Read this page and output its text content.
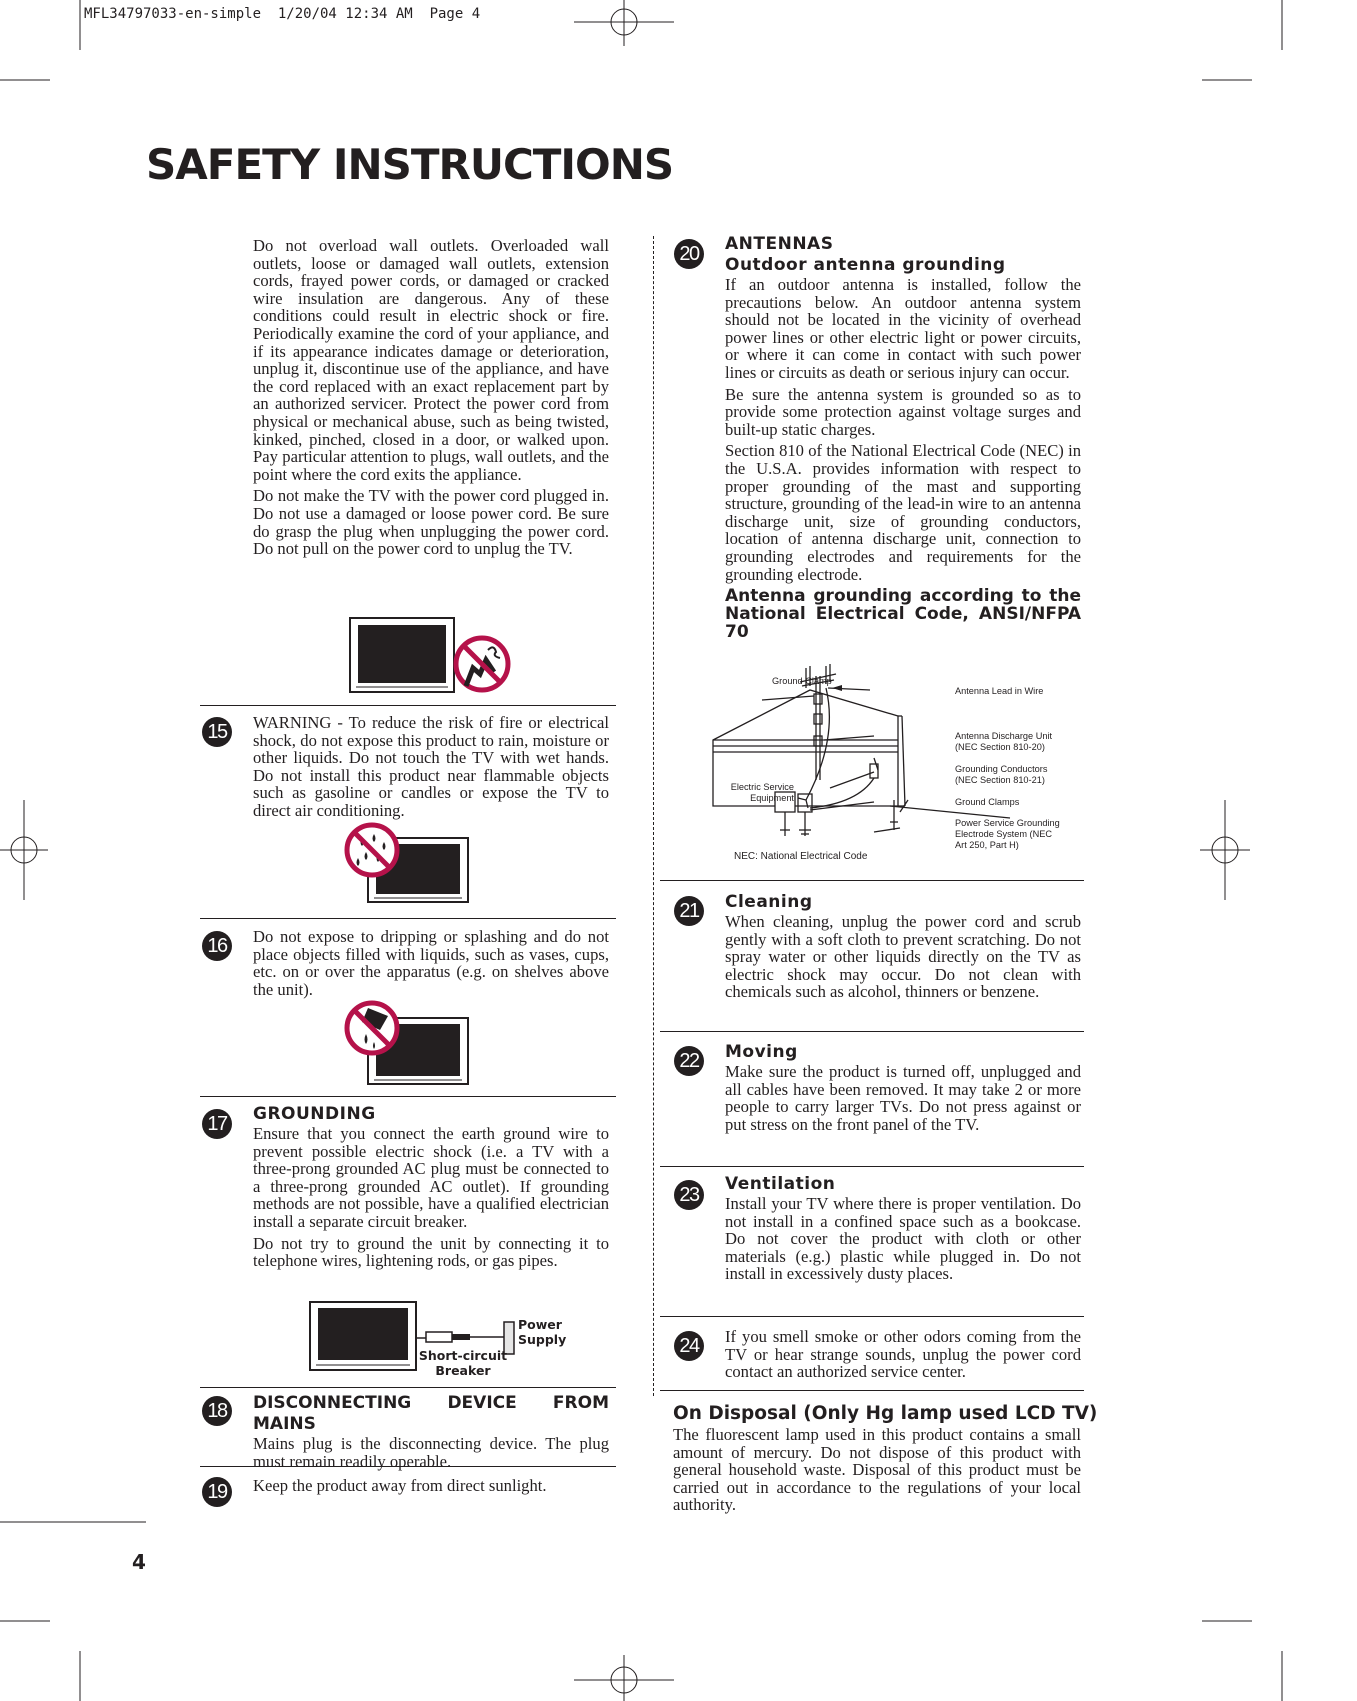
MFL34797033-en-simple  1/20/04 12:34 AM  Page 4
SAFETY INSTRUCTIONS
4

Do not overload wall outlets. Overloaded wall outlets, loose or damaged wall outlets, extension cords, frayed power cords, or damaged or cracked wire insulation are dangerous. Any of these conditions could result in electric shock or fire. Periodically examine the cord of your appliance, and if its appearance indicates damage or deterioration, unplug it, discontinue use of the appliance, and have the cord replaced with an exact replacement part by an authorized servicer. Protect the power cord from physical or mechanical abuse, such as being twisted, kinked, pinched, closed in a door, or walked upon. Pay particular attention to plugs, wall outlets, and the point where the cord exits the appliance.

Do not make the TV with the power cord plugged in. Do not use a damaged or loose power cord. Be sure do grasp the plug when unplugging the power cord. Do not pull on the power cord to unplug the TV.

15	WARNING - To reduce the risk of fire or electrical shock, do not expose this product to rain, moisture or other liquids. Do not touch the TV with wet hands. Do not install this product near flammable objects such as gasoline or candles or expose the TV to direct air conditioning.
16	Do not expose to dripping or splashing and do not place objects filled with liquids, such as vases, cups, etc. on or over the apparatus (e.g. on shelves above the unit).
17	GROUNDING

Ensure that you connect the earth ground wire to prevent possible electric shock (i.e. a TV with a three-prong grounded AC plug must be connected to a three-prong grounded AC outlet). If grounding methods are not possible, have a qualified electrician install a separate circuit breaker.

Do not try to ground the unit by connecting it to telephone wires, lightening rods, or gas pipes.

Power
Supply
Short-circuit
Breaker
18	DISCONNECTING DEVICE FROM MAINS

Mains plug is the disconnecting device. The plug must remain readily operable.

19	Keep the product away from direct sunlight.
20	ANTENNAS
Outdoor antenna grounding

If an outdoor antenna is installed, follow the precautions below. An outdoor antenna system should not be located in the vicinity of overhead power lines or other electric light or power circuits, or where it can come in contact with such power lines or circuits as death or serious injury can occur.

Be sure the antenna system is grounded so as to provide some protection against voltage surges and built-up static charges.

Section 810 of the National Electrical Code (NEC) in the U.S.A. provides information with respect to proper grounding of the mast and supporting structure, grounding of the lead-in wire to an antenna discharge unit, size of grounding conductors, location of antenna discharge unit, connection to grounding electrodes and requirements for the grounding electrode.

Antenna grounding according to the National Electrical Code, ANSI/NFPA 70
Ground Clamp
Antenna Lead in Wire
Antenna Discharge Unit
(NEC Section 810-20)
Grounding Conductors
(NEC Section 810-21)
Ground Clamps
Power Service Grounding
Electrode System (NEC
Art 250, Part H)
Electric Service
Equipment
NEC: National Electrical Code
21	Cleaning

When cleaning, unplug the power cord and scrub gently with a soft cloth to prevent scratching. Do not spray water or other liquids directly on the TV as electric shock may occur. Do not clean with chemicals such as alcohol, thinners or benzene.

22	Moving

Make sure the product is turned off, unplugged and all cables have been removed. It may take 2 or more people to carry larger TVs. Do not press against or put stress on the front panel of the TV.

23	Ventilation

Install your TV where there is proper ventilation. Do not install in a confined space such as a bookcase. Do not cover the product with cloth or other materials (e.g.) plastic while plugged in. Do not install in excessively dusty places.

24	If you smell smoke or other odors coming from the TV or hear strange sounds, unplug the power cord contact an authorized service center.
On Disposal (Only Hg lamp used LCD TV)
The fluorescent lamp used in this product contains a small amount of mercury. Do not dispose of this product with general household waste. Disposal of this product must be carried out in accordance to the regulations of your local authority.
